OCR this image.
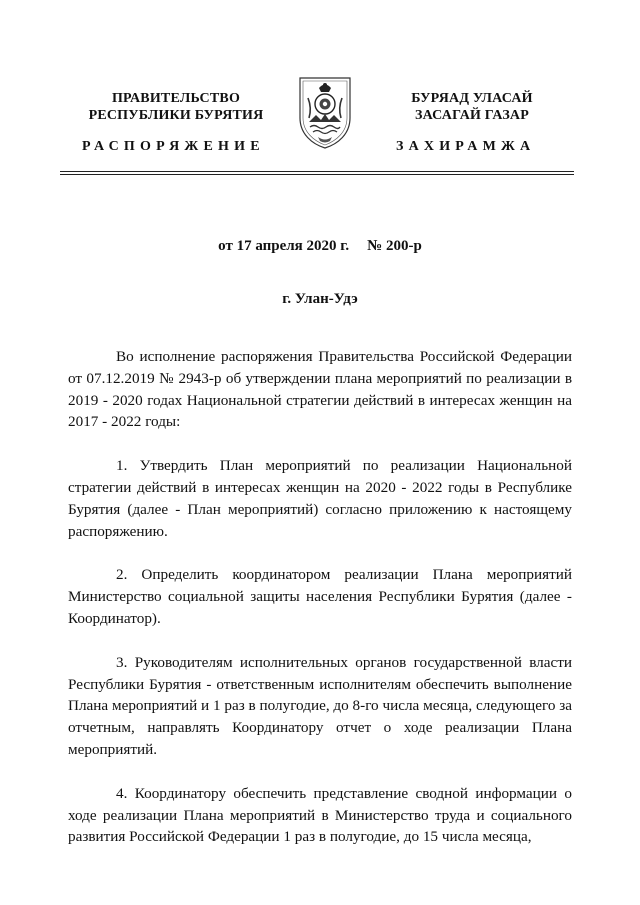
ПРАВИТЕЛЬСТВО
РЕСПУБЛИКИ БУРЯТИЯ
БУРЯАД УЛАСАЙ
ЗАСАГАЙ ГАЗАР
РАСПОРЯЖЕНИЕ	ЗАХИРАМЖА
от 17 апреля 2020 г. № 200-р
г. Улан-Удэ

Во исполнение распоряжения Правительства Российской Федерации от 07.12.2019 № 2943-р об утверждении плана мероприятий по реализации в 2019 - 2020 годах Национальной стратегии действий в интересах женщин на 2017 - 2022 годы:

1. Утвердить План мероприятий по реализации Национальной стратегии действий в интересах женщин на 2020 - 2022 годы в Республике Бурятия (далее - План мероприятий) согласно приложению к настоящему распоряжению.

2. Определить координатором реализации Плана мероприятий Министерство социальной защиты населения Республики Бурятия (далее - Координатор).

3. Руководителям исполнительных органов государственной власти Республики Бурятия - ответственным исполнителям обеспечить выполнение Плана мероприятий и 1 раз в полугодие, до 8-го числа месяца, следующего за отчетным, направлять Координатору отчет о ходе реализации Плана мероприятий.

4. Координатору обеспечить представление сводной информации о ходе реализации Плана мероприятий в Министерство труда и социального развития Российской Федерации 1 раз в полугодие, до 15 числа месяца,
